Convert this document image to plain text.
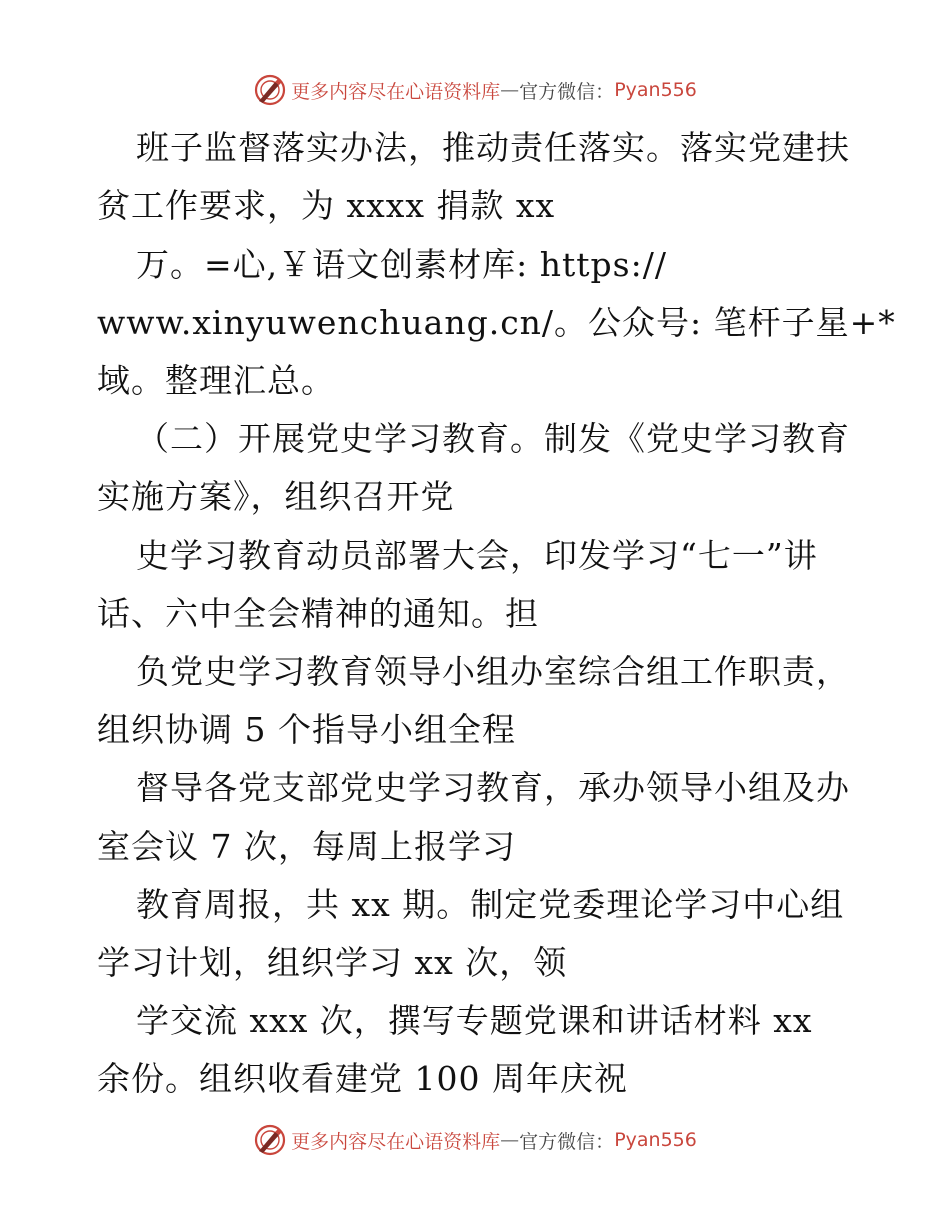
更多内容尽在心语资料库 — 官方微信： Pyan556
班子监督落实办法，推动责任落实。落实党建扶
贫工作要求，为 xxxx 捐款 xx
万。=心,￥语文创素材库: https://
www.xinyuwenchuang.cn/。公众号: 笔杆子星+*
域。整理汇总。
（二）开展党史学习教育。制发《党史学习教育
实施方案》，组织召开党
史学习教育动员部署大会，印发学习“七一”讲
话、六中全会精神的通知。担
负党史学习教育领导小组办室综合组工作职责，
组织协调 5 个指导小组全程
督导各党支部党史学习教育，承办领导小组及办
室会议 7 次，每周上报学习
教育周报，共 xx 期。制定党委理论学习中心组
学习计划，组织学习 xx 次，领
学交流 xxx 次，撰写专题党课和讲话材料 xx
余份。组织收看建党 100 周年庆祝
更多内容尽在心语资料库 — 官方微信： Pyan556
